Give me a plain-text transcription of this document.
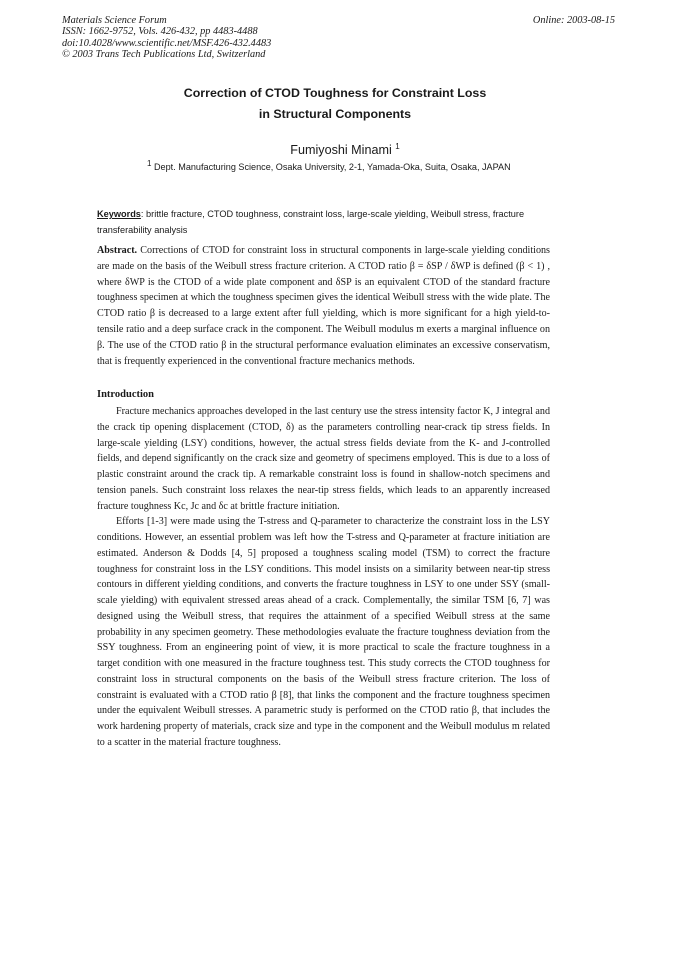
Materials Science Forum
ISSN: 1662-9752, Vols. 426-432, pp 4483-4488
doi:10.4028/www.scientific.net/MSF.426-432.4483
© 2003 Trans Tech Publications Ltd, Switzerland
Online: 2003-08-15
Correction of CTOD Toughness for Constraint Loss
in Structural Components
Fumiyoshi Minami $^1$
$^1$ Dept. Manufacturing Science, Osaka University, 2-1, Yamada-Oka, Suita, Osaka, JAPAN
Keywords: brittle fracture, CTOD toughness, constraint loss, large-scale yielding, Weibull stress, fracture transferability analysis
Abstract. Corrections of CTOD for constraint loss in structural components in large-scale yielding conditions are made on the basis of the Weibull stress fracture criterion. A CTOD ratio β = δSP / δWP is defined (β < 1) , where δWP is the CTOD of a wide plate component and δSP is an equivalent CTOD of the standard fracture toughness specimen at which the toughness specimen gives the identical Weibull stress with the wide plate. The CTOD ratio β is decreased to a large extent after full yielding, which is more significant for a high yield-to-tensile ratio and a deep surface crack in the component. The Weibull modulus m exerts a marginal influence on β. The use of the CTOD ratio β in the structural performance evaluation eliminates an excessive conservatism, that is frequently experienced in the conventional fracture mechanics methods.
Introduction

Fracture mechanics approaches developed in the last century use the stress intensity factor K, J integral and the crack tip opening displacement (CTOD, δ) as the parameters controlling near-crack tip stress fields. In large-scale yielding (LSY) conditions, however, the actual stress fields deviate from the K- and J-controlled fields, and depend significantly on the crack size and geometry of specimens employed. This is due to a loss of plastic constraint around the crack tip. A remarkable constraint loss is found in shallow-notch specimens and tension panels. Such constraint loss relaxes the near-tip stress fields, which leads to an apparently increased fracture toughness Kc, Jc and δc at brittle fracture initiation.

Efforts [1-3] were made using the T-stress and Q-parameter to characterize the constraint loss in the LSY conditions. However, an essential problem was left how the T-stress and Q-parameter at fracture initiation are estimated. Anderson & Dodds [4, 5] proposed a toughness scaling model (TSM) to correct the fracture toughness for constraint loss in the LSY conditions. This model insists on a similarity between near-tip stress contours in different yielding conditions, and converts the fracture toughness in LSY to one under SSY (small-scale yielding) with equivalent stressed areas ahead of a crack. Complementally, the similar TSM [6, 7] was designed using the Weibull stress, that requires the attainment of a specified Weibull stress at the same probability in any specimen geometry. These methodologies evaluate the fracture toughness deviation from the SSY toughness. From an engineering point of view, it is more practical to scale the fracture toughness in a target condition with one measured in the fracture toughness test. This study corrects the CTOD toughness for constraint loss in structural components on the basis of the Weibull stress fracture criterion. The loss of constraint is evaluated with a CTOD ratio β [8], that links the component and the fracture toughness specimen under the equivalent Weibull stresses. A parametric study is performed on the CTOD ratio β, that includes the work hardening property of materials, crack size and type in the component and the Weibull modulus m related to a scatter in the material fracture toughness.
